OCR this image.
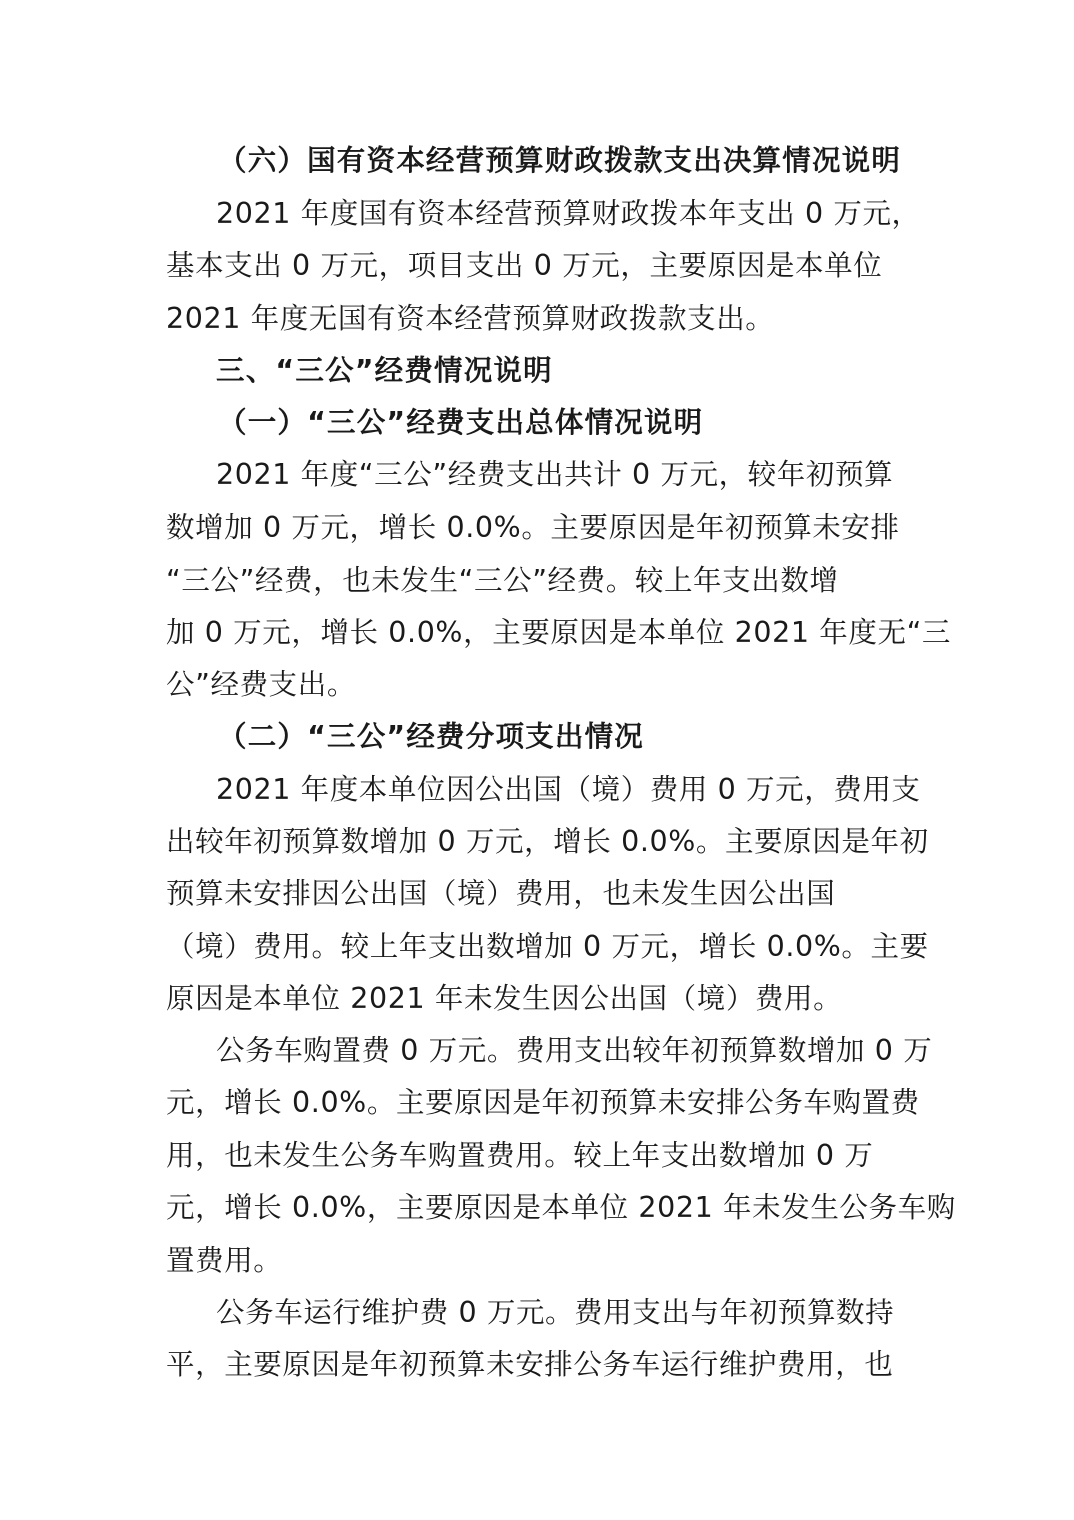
（六）国有资本经营预算财政拨款支出决算情况说明

2021 年度国有资本经营预算财政拨本年支出 0 万元，

基本支出 0 万元，项目支出 0 万元，主要原因是本单位

2021 年度无国有资本经营预算财政拨款支出。

三、“三公”经费情况说明

（一）“三公”经费支出总体情况说明

2021 年度“三公”经费支出共计 0 万元，较年初预算

数增加 0 万元，增长 0.0%。主要原因是年初预算未安排

“三公”经费，也未发生“三公”经费。较上年支出数增

加 0 万元，增长 0.0%，主要原因是本单位 2021 年度无“三

公”经费支出。

（二）“三公”经费分项支出情况

2021 年度本单位因公出国（境）费用 0 万元，费用支

出较年初预算数增加 0 万元，增长 0.0%。主要原因是年初

预算未安排因公出国（境）费用，也未发生因公出国

（境）费用。较上年支出数增加 0 万元，增长 0.0%。主要

原因是本单位 2021 年未发生因公出国（境）费用。

公务车购置费 0 万元。费用支出较年初预算数增加 0 万

元，增长 0.0%。主要原因是年初预算未安排公务车购置费

用，也未发生公务车购置费用。较上年支出数增加 0 万

元，增长 0.0%，主要原因是本单位 2021 年未发生公务车购

置费用。

公务车运行维护费 0 万元。费用支出与年初预算数持

平，主要原因是年初预算未安排公务车运行维护费用，也
